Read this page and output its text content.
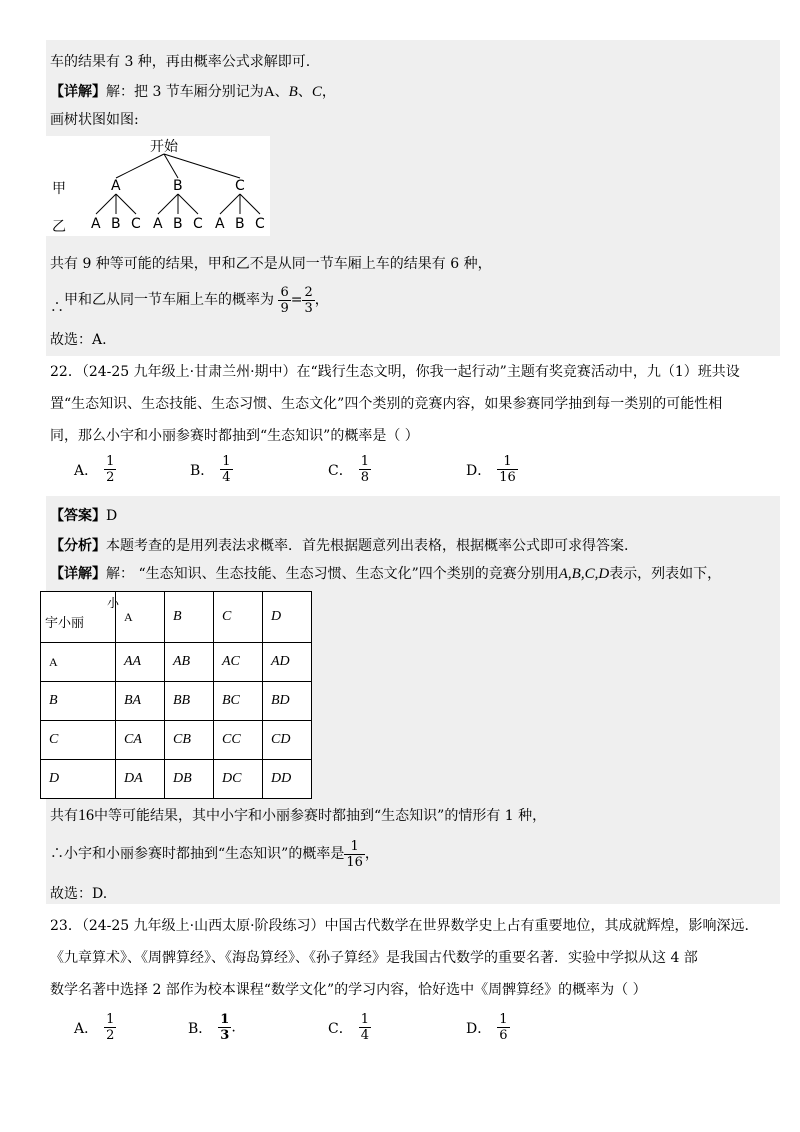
车的结果有 3 种，再由概率公式求解即可.
【详解】解：把 3 节车厢分别记为A、B、C，
画树状图如图:
开始
甲
乙
A	B	C
A B C A B C A B C
共有 9 种等可能的结果，甲和乙不是从同一节车厢上车的结果有 6 种，
∴甲和乙从同一节车厢上车的概率为 $\frac{6}{9} = \frac{2}{3}$ ，
故选：A.
22．（24-25 九年级上·甘肃兰州·期中）在“践行生态文明，你我一起行动”主题有奖竞赛活动中，九（1）班共设
置“生态知识、生态技能、生态习惯、生态文化”四个类别的竞赛内容，如果参赛同学抽到每一类别的可能性相
同，那么小宇和小丽参赛时都抽到“生态知识”的概率是（ ）
A． $\frac{1}{2}$	B． $\frac{1}{4}$	C． $\frac{1}{8}$	D． $\frac{1}{16}$
【答案】D
【分析】本题考查的是用列表法求概率．首先根据题意列出表格，根据概率公式即可求得答案.
【详解】解： “生态知识、生态技能、生态习惯、生态文化”四个类别的竞赛分别用A,B,C,D表示，列表如下，
小
宇小丽	A	B	C	D
A	AA	AB	AC	AD
B	BA	BB	BC	BD
C	CA	CB	CC	CD
D	DA	DB	DC	DD
共有16中等可能结果，其中小宇和小丽参赛时都抽到“生态知识”的情形有 1 种，
∴小宇和小丽参赛时都抽到“生态知识”的概率是 $\frac{1}{16}$ ，
故选：D.
23．（24-25 九年级上·山西太原·阶段练习）中国古代数学在世界数学史上占有重要地位，其成就辉煌，影响深远.
《九章算术》、《周髀算经》、《海岛算经》、《孙子算经》是我国古代数学的重要名著．实验中学拟从这 4 部
数学名著中选择 2 部作为校本课程“数学文化”的学习内容，恰好选中《周髀算经》的概率为（ ）
A． $\frac{1}{2}$	B． $\frac{1}{3}$ .	C． $\frac{1}{4}$	D． $\frac{1}{6}$
